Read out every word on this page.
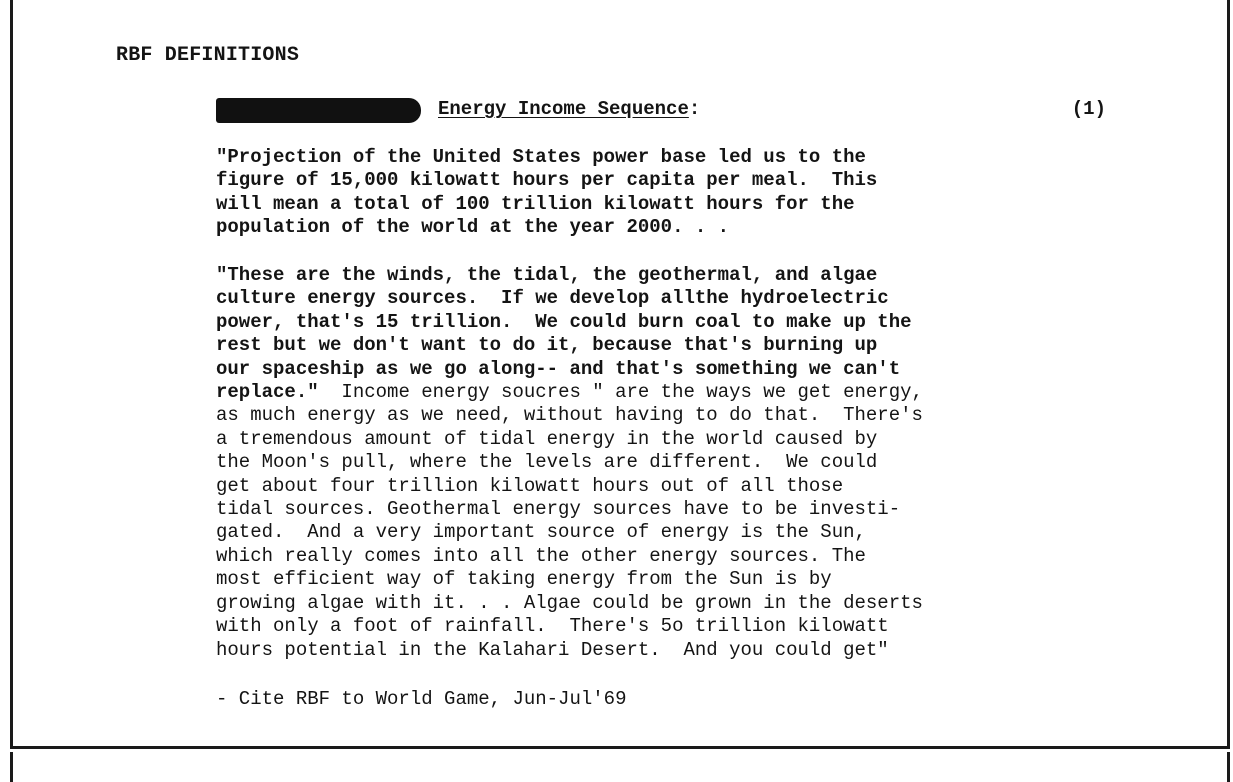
RBF DEFINITIONS
Energy Income Sequence:	(1)

"Projection of the United States power base led us to the
figure of 15,000 kilowatt hours per capita per meal.  This
will mean a total of 100 trillion kilowatt hours for the
population of the world at the year 2000. . .

"These are the winds, the tidal, the geothermal, and algae
culture energy sources.  If we develop allthe hydroelectric
power, that's 15 trillion.  We could burn coal to make up the
rest but we don't want to do it, because that's burning up
our spaceship as we go along-- and that's something we can't
replace."  Income energy soucres " are the ways we get energy,
as much energy as we need, without having to do that.  There's
a tremendous amount of tidal energy in the world caused by
the Moon's pull, where the levels are different.  We could
get about four trillion kilowatt hours out of all those
tidal sources. Geothermal energy sources have to be investi-
gated.  And a very important source of energy is the Sun,
which really comes into all the other energy sources. The
most efficient way of taking energy from the Sun is by
growing algae with it. . . Algae could be grown in the deserts
with only a foot of rainfall.  There's 5o trillion kilowatt
hours potential in the Kalahari Desert.  And you could get"

- Cite RBF to World Game, Jun-Jul'69
